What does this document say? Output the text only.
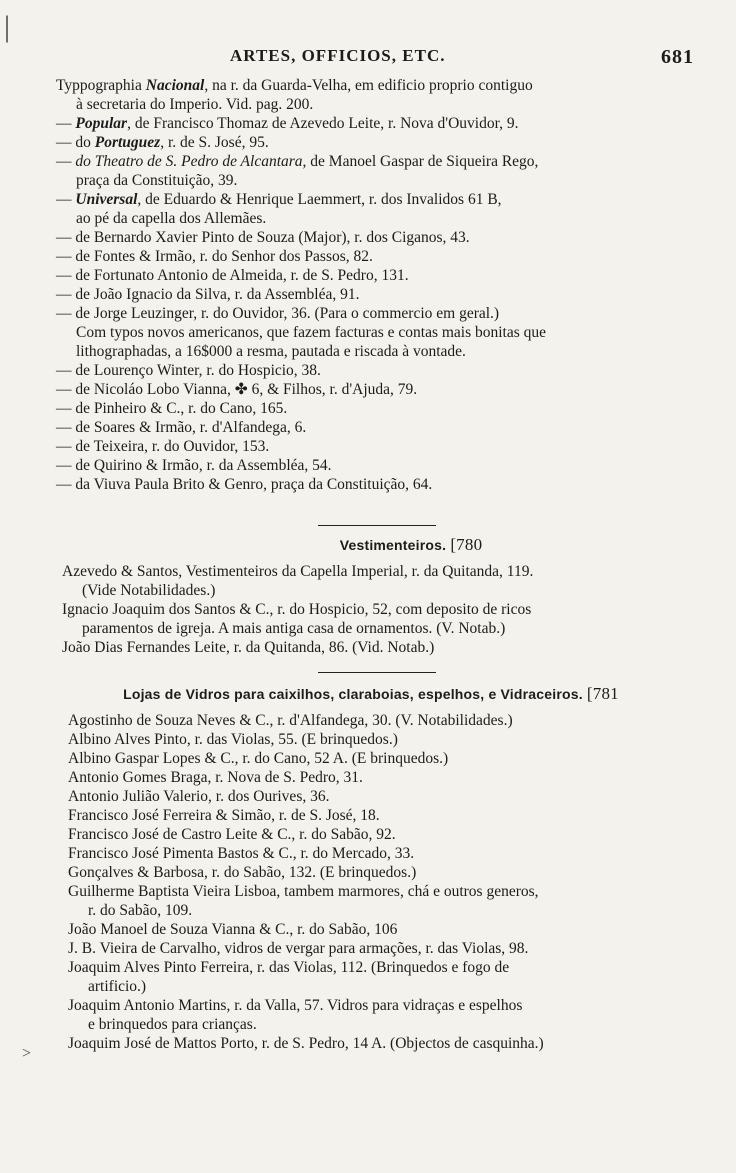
|
>
ARTES, OFFICIOS, ETC.	681
Typpographia Nacional, na r. da Guarda-Velha, em edificio proprio contiguo
à secretaria do Imperio. Vid. pag. 200.
— Popular, de Francisco Thomaz de Azevedo Leite, r. Nova d'Ouvidor, 9.
— do Portuguez, r. de S. José, 95.
— do Theatro de S. Pedro de Alcantara, de Manoel Gaspar de Siqueira Rego,
praça da Constituição, 39.
— Universal, de Eduardo & Henrique Laemmert, r. dos Invalidos 61 B,
ao pé da capella dos Allemães.
— de Bernardo Xavier Pinto de Souza (Major), r. dos Ciganos, 43.
— de Fontes & Irmão, r. do Senhor dos Passos, 82.
— de Fortunato Antonio de Almeida, r. de S. Pedro, 131.
— de João Ignacio da Silva, r. da Assembléa, 91.
— de Jorge Leuzinger, r. do Ouvidor, 36. (Para o commercio em geral.)
Com typos novos americanos, que fazem facturas e contas mais bonitas que
lithographadas, a 16$000 a resma, pautada e riscada à vontade.
— de Lourenço Winter, r. do Hospicio, 38.
— de Nicoláo Lobo Vianna, ✤ 6, & Filhos, r. d'Ajuda, 79.
— de Pinheiro & C., r. do Cano, 165.
— de Soares & Irmão, r. d'Alfandega, 6.
— de Teixeira, r. do Ouvidor, 153.
— de Quirino & Irmão, r. da Assembléa, 54.
— da Viuva Paula Brito & Genro, praça da Constituição, 64.
Vestimenteiros. [780
Azevedo & Santos, Vestimenteiros da Capella Imperial, r. da Quitanda, 119.
(Vide Notabilidades.)
Ignacio Joaquim dos Santos & C., r. do Hospicio, 52, com deposito de ricos
paramentos de igreja. A mais antiga casa de ornamentos. (V. Notab.)
João Dias Fernandes Leite, r. da Quitanda, 86. (Vid. Notab.)
Lojas de Vidros para caixilhos, claraboias, espelhos, e Vidraceiros. [781
Agostinho de Souza Neves & C., r. d'Alfandega, 30. (V. Notabilidades.)
Albino Alves Pinto, r. das Violas, 55. (E brinquedos.)
Albino Gaspar Lopes & C., r. do Cano, 52 A. (E brinquedos.)
Antonio Gomes Braga, r. Nova de S. Pedro, 31.
Antonio Julião Valerio, r. dos Ourives, 36.
Francisco José Ferreira & Simão, r. de S. José, 18.
Francisco José de Castro Leite & C., r. do Sabão, 92.
Francisco José Pimenta Bastos & C., r. do Mercado, 33.
Gonçalves & Barbosa, r. do Sabão, 132. (E brinquedos.)
Guilherme Baptista Vieira Lisboa, tambem marmores, chá e outros generos,
r. do Sabão, 109.
João Manoel de Souza Vianna & C., r. do Sabão, 106
J. B. Vieira de Carvalho, vidros de vergar para armações, r. das Violas, 98.
Joaquim Alves Pinto Ferreira, r. das Violas, 112. (Brinquedos e fogo de
artificio.)
Joaquim Antonio Martins, r. da Valla, 57. Vidros para vidraças e espelhos
e brinquedos para crianças.
Joaquim José de Mattos Porto, r. de S. Pedro, 14 A. (Objectos de casquinha.)
